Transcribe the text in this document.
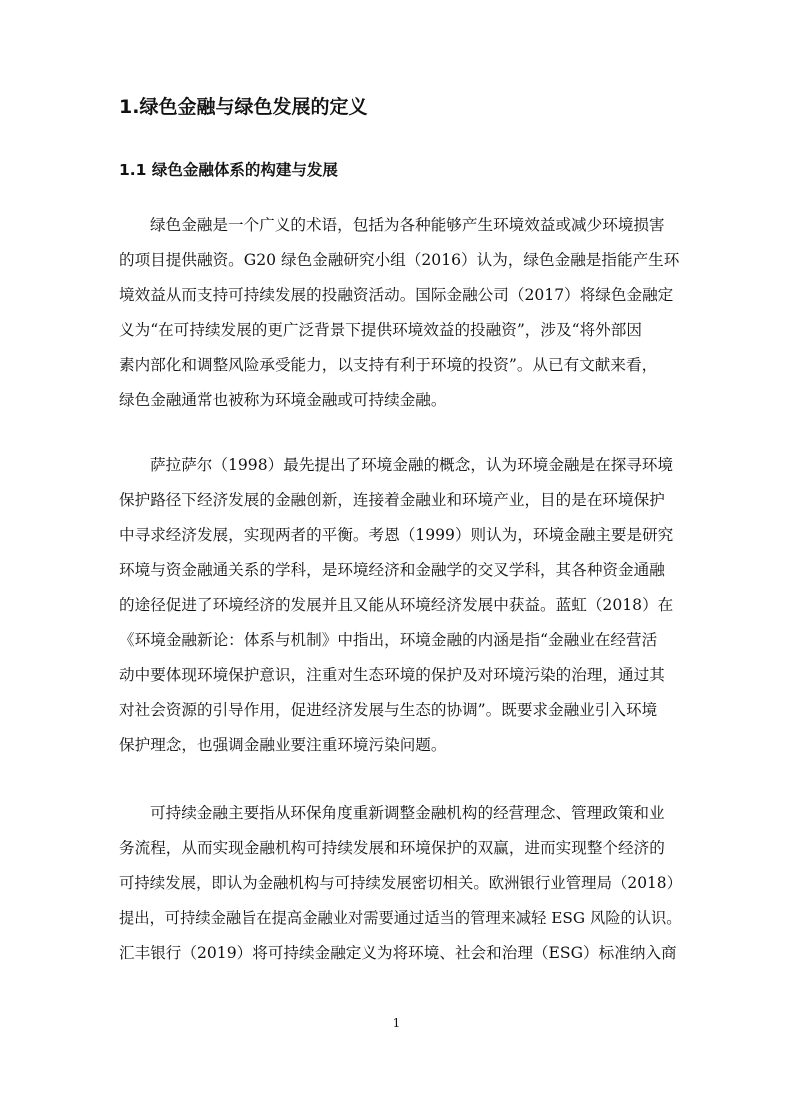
1.绿色金融与绿色发展的定义
1.1 绿色金融体系的构建与发展
绿色金融是一个广义的术语，包括为各种能够产生环境效益或减少环境损害
的项目提供融资。G20 绿色金融研究小组（2016）认为，绿色金融是指能产生环
境效益从而支持可持续发展的投融资活动。国际金融公司（2017）将绿色金融定
义为“在可持续发展的更广泛背景下提供环境效益的投融资”，涉及“将外部因
素内部化和调整风险承受能力，以支持有利于环境的投资”。从已有文献来看，
绿色金融通常也被称为环境金融或可持续金融。
萨拉萨尔（1998）最先提出了环境金融的概念，认为环境金融是在探寻环境
保护路径下经济发展的金融创新，连接着金融业和环境产业，目的是在环境保护
中寻求经济发展，实现两者的平衡。考恩（1999）则认为，环境金融主要是研究
环境与资金融通关系的学科，是环境经济和金融学的交叉学科，其各种资金通融
的途径促进了环境经济的发展并且又能从环境经济发展中获益。蓝虹（2018）在
《环境金融新论：体系与机制》中指出，环境金融的内涵是指“金融业在经营活
动中要体现环境保护意识，注重对生态环境的保护及对环境污染的治理，通过其
对社会资源的引导作用，促进经济发展与生态的协调”。既要求金融业引入环境
保护理念，也强调金融业要注重环境污染问题。
可持续金融主要指从环保角度重新调整金融机构的经营理念、管理政策和业
务流程，从而实现金融机构可持续发展和环境保护的双赢，进而实现整个经济的
可持续发展，即认为金融机构与可持续发展密切相关。欧洲银行业管理局（2018）
提出，可持续金融旨在提高金融业对需要通过适当的管理来减轻 ESG 风险的认识。
汇丰银行（2019）将可持续金融定义为将环境、社会和治理（ESG）标准纳入商
1
